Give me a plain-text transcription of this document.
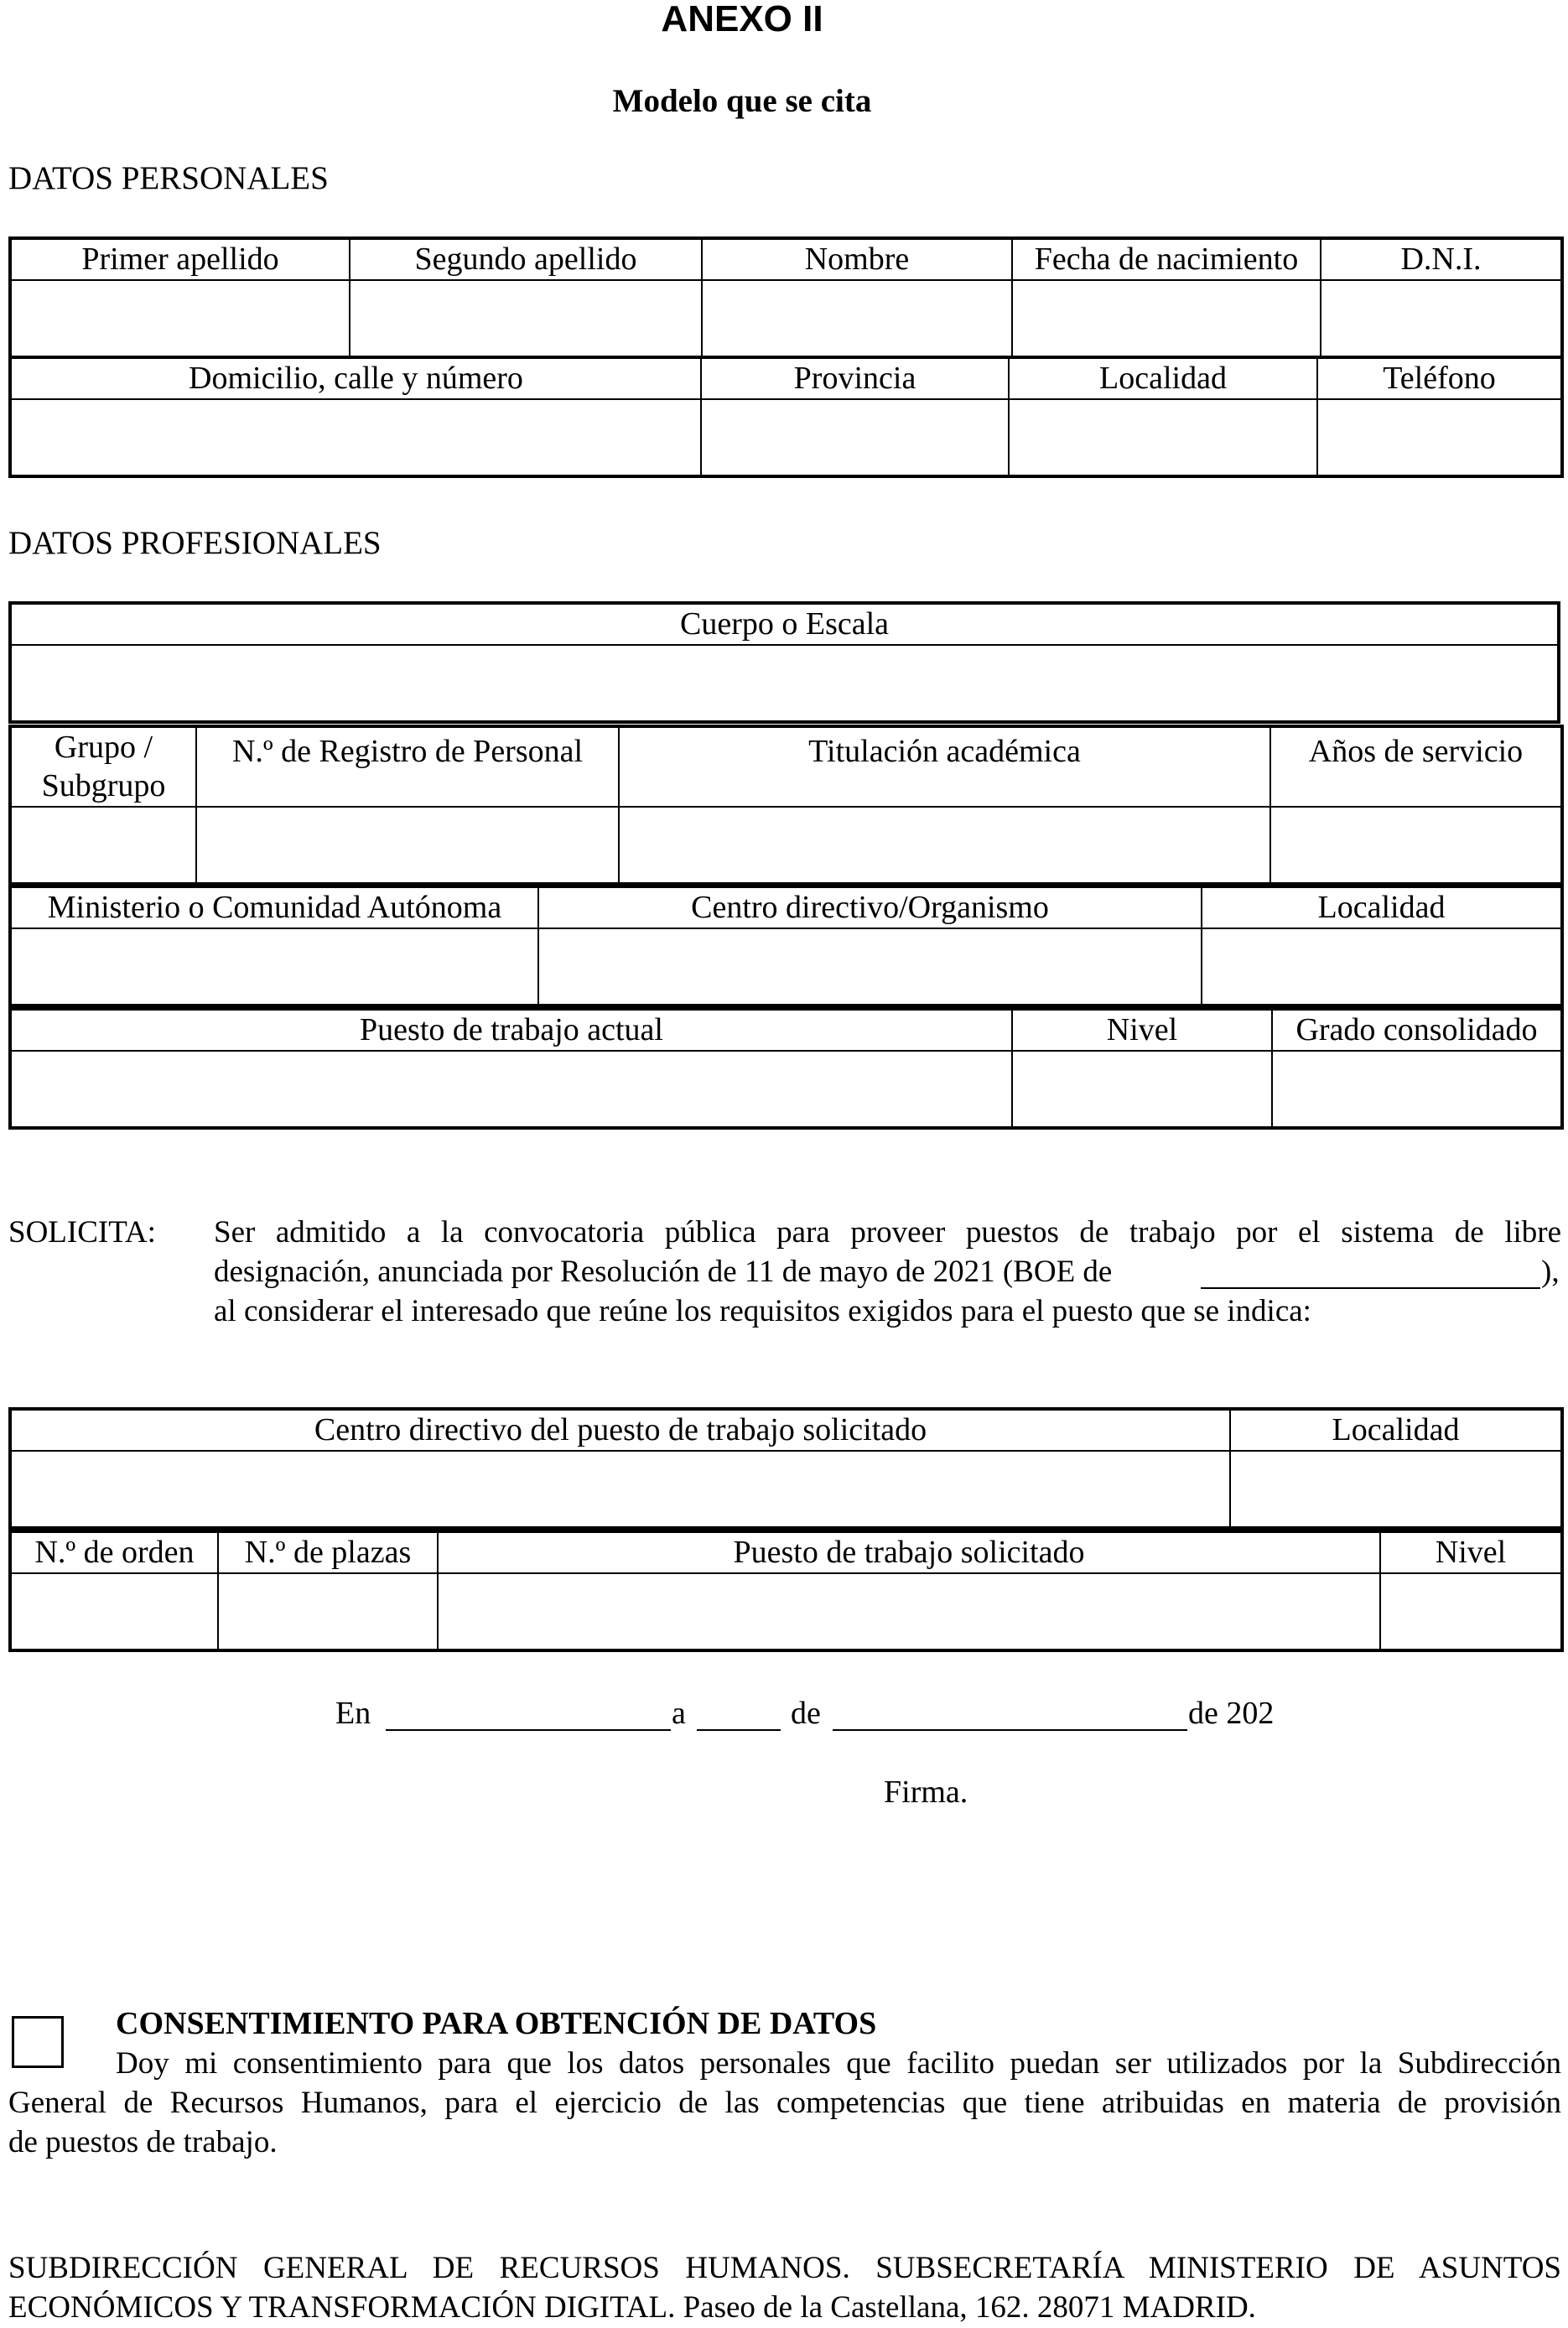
ANEXO II
Modelo que se cita
DATOS PERSONALES
Primer apellido	Segundo apellido	Nombre	Fecha de nacimiento	D.N.I.

Domicilio, calle y número	Provincia	Localidad	Teléfono

DATOS PROFESIONALES
Cuerpo o Escala

Grupo / Subgrupo	N.º de Registro de Personal	Titulación académica	Años de servicio

Ministerio o Comunidad Autónoma	Centro directivo/Organismo	Localidad

Puesto de trabajo actual	Nivel	Grado consolidado

SOLICITA: Ser admitido a la convocatoria pública para proveer puestos de trabajo por el sistema de libre
designación, anunciada por Resolución de 11 de mayo de 2021 (BOE de	),
al considerar el interesado que reúne los requisitos exigidos para el puesto que se indica:
Centro directivo del puesto de trabajo solicitado	Localidad

N.º de orden	N.º de plazas	Puesto de trabajo solicitado	Nivel

En	a	de	de 202
Firma.
CONSENTIMIENTO PARA OBTENCIÓN DE DATOS
Doy mi consentimiento para que los datos personales que facilito puedan ser utilizados por la Subdirección
General de Recursos Humanos, para el ejercicio de las competencias que tiene atribuidas en materia de provisión
de puestos de trabajo.
SUBDIRECCIÓN GENERAL DE RECURSOS HUMANOS. SUBSECRETARÍA MINISTERIO DE ASUNTOS
ECONÓMICOS Y TRANSFORMACIÓN DIGITAL. Paseo de la Castellana, 162. 28071 MADRID.
